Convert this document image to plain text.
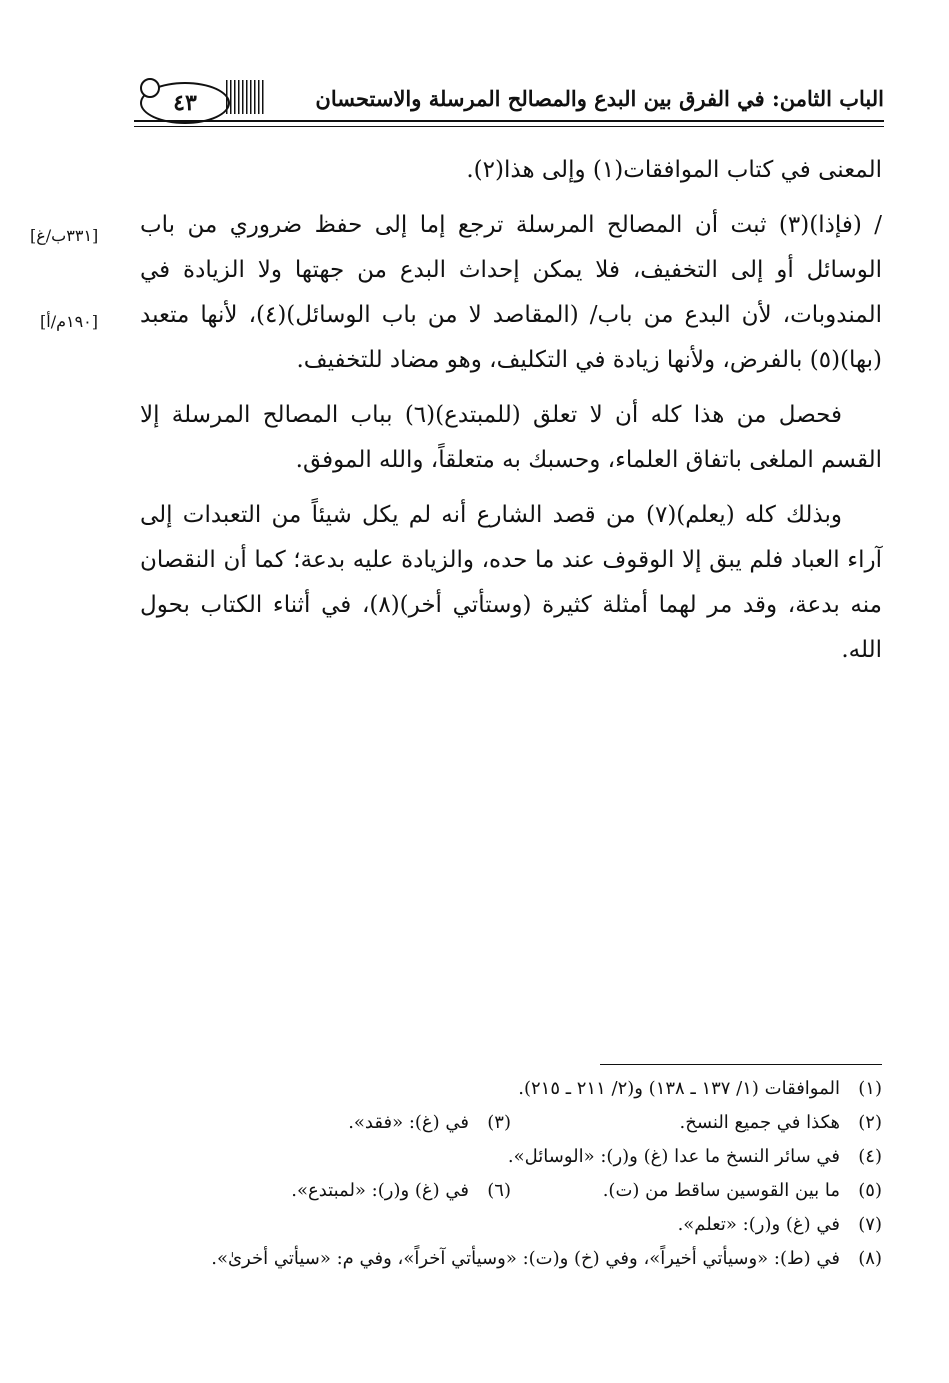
الباب الثامن: في الفرق بين البدع والمصالح المرسلة والاستحسان
٤٣
[٣٣١ب/غ]
[١٩٠م/أ]

المعنى في كتاب الموافقات(١) وإلى هذا(٢).

/ (فإذا)(٣) ثبت أن المصالح المرسلة ترجع إما إلى حفظ ضروري من باب الوسائل أو إلى التخفيف، فلا يمكن إحداث البدع من جهتها ولا الزيادة في المندوبات، لأن البدع من باب/ (المقاصد لا من باب الوسائل)(٤)، لأنها متعبد (بها)(٥) بالفرض، ولأنها زيادة في التكليف، وهو مضاد للتخفيف.

فحصل من هذا كله أن لا تعلق (للمبتدع)(٦) بباب المصالح المرسلة إلا القسم الملغى باتفاق العلماء، وحسبك به متعلقاً، والله الموفق.

وبذلك كله (يعلم)(٧) من قصد الشارع أنه لم يكل شيئاً من التعبدات إلى آراء العباد فلم يبق إلا الوقوف عند ما حده، والزيادة عليه بدعة؛ كما أن النقصان منه بدعة، وقد مر لهما أمثلة كثيرة (وستأتي أخر)(٨)، في أثناء الكتاب بحول الله.

(١)
الموافقات (١/ ١٣٧ ـ ١٣٨) و(٢/ ٢١١ ـ ٢١٥).
(٢)
هكذا في جميع النسخ.
(٣)
في (غ): «فقد».
(٤)
في سائر النسخ ما عدا (غ) و(ر): «الوسائل».
(٥)
ما بين القوسين ساقط من (ت).
(٦)
في (غ) و(ر): «لمبتدع».
(٧)
في (غ) و(ر): «تعلم».
(٨)
في (ط): «وسيأتي أخيراً»، وفي (خ) و(ت): «وسيأتي آخراً»، وفي م: «سيأتي أخرىٰ».
